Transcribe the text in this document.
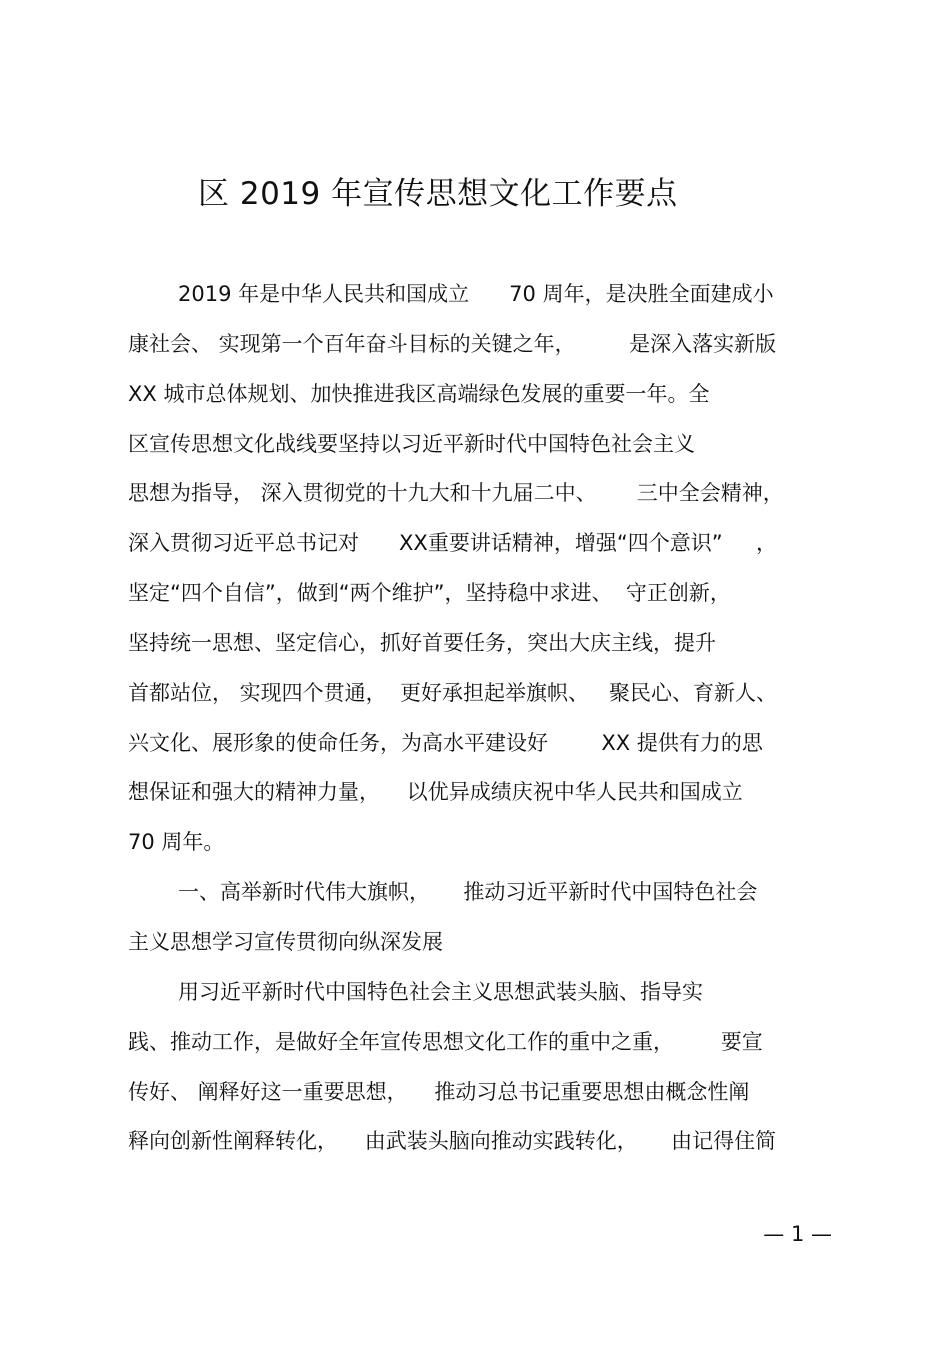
区 2019 年宣传思想文化工作要点
2019 年是中华人民共和国成立      70 周年，是决胜全面建成小
康社会、 实现第一个百年奋斗目标的关键之年，        是深入落实新版
XX 城市总体规划、加快推进我区高端绿色发展的重要一年。全
区宣传思想文化战线要坚持以习近平新时代中国特色社会主义
思想为指导， 深入贯彻党的十九大和十九届二中、      三中全会精神，
深入贯彻习近平总书记对      XX重要讲话精神，增强“四个意识”     ，
坚定“四个自信”，做到“两个维护”，坚持稳中求进、  守正创新，
坚持统一思想、坚定信心，抓好首要任务，突出大庆主线，提升
首都站位， 实现四个贯通，  更好承担起举旗帜、   聚民心、育新人、
兴文化、展形象的使命任务，为高水平建设好        XX 提供有力的思
想保证和强大的精神力量，    以优异成绩庆祝中华人民共和国成立
70 周年。
一、高举新时代伟大旗帜，     推动习近平新时代中国特色社会
主义思想学习宣传贯彻向纵深发展
用习近平新时代中国特色社会主义思想武装头脑、指导实
践、推动工作，是做好全年宣传思想文化工作的重中之重，       要宣
传好、 阐释好这一重要思想，    推动习总书记重要思想由概念性阐
释向创新性阐释转化，    由武装头脑向推动实践转化，     由记得住简
— 1 —
